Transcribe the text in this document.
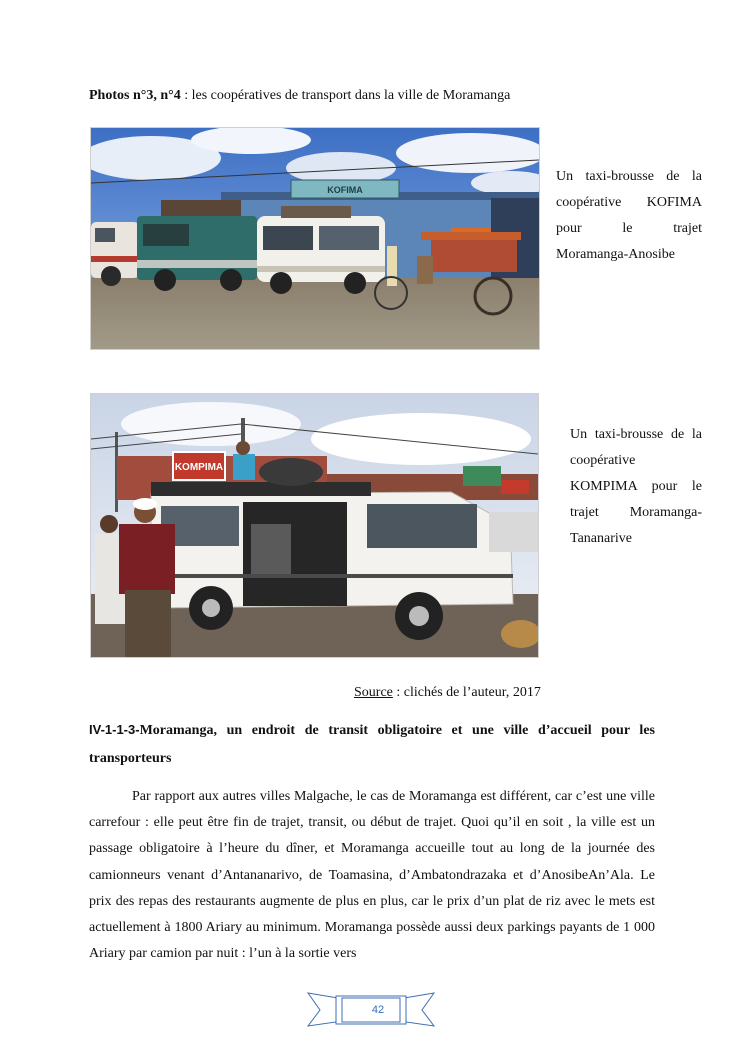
Photos n°3, n°4 : les coopératives de transport dans la ville de Moramanga
KOFIMA
Un taxi-brousse de la coopérative KOFIMA pour le trajet Moramanga-Anosibe
KOMPIMA
Un taxi-brousse de la coopérative KOMPIMA pour le trajet Moramanga-Tananarive
Source : clichés de l’auteur, 2017
IV-1-1-3-Moramanga, un endroit de transit obligatoire et une ville d’accueil pour les transporteurs
Par rapport aux autres villes Malgache, le cas de Moramanga est différent, car c’est une ville carrefour : elle peut être fin de trajet, transit, ou début de trajet. Quoi qu’il en soit , la ville est un passage obligatoire à l’heure du dîner, et Moramanga accueille tout au long de la journée des camionneurs venant d’Antananarivo, de Toamasina, d’Ambatondrazaka et d’AnosibeAn’Ala. Le prix des repas des restaurants augmente de plus en plus, car le prix d’un plat de riz avec le mets est actuellement à 1800 Ariary au minimum. Moramanga possède aussi deux parkings payants de 1 000 Ariary par camion par nuit : l’un à la sortie vers
42
